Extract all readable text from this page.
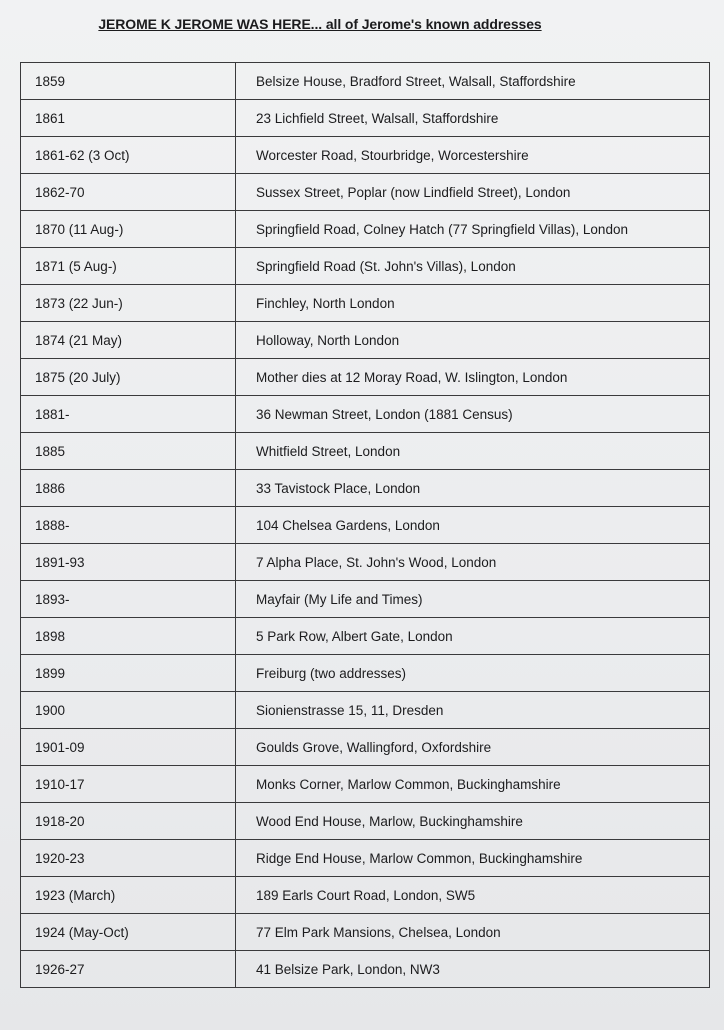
JEROME K JEROME WAS HERE... all of Jerome's known addresses
1859	Belsize House, Bradford Street, Walsall, Staffordshire
1861	23 Lichfield Street, Walsall, Staffordshire
1861-62 (3 Oct)	Worcester Road, Stourbridge, Worcestershire
1862-70	Sussex Street, Poplar (now Lindfield Street), London
1870 (11 Aug-)	Springfield Road, Colney Hatch (77 Springfield Villas), London
1871 (5 Aug-)	Springfield Road (St. John's Villas), London
1873 (22 Jun-)	Finchley, North London
1874 (21 May)	Holloway, North London
1875 (20 July)	Mother dies at 12 Moray Road, W. Islington, London
1881-	36 Newman Street, London (1881 Census)
1885	Whitfield Street, London
1886	33 Tavistock Place, London
1888-	104 Chelsea Gardens, London
1891-93	7 Alpha Place, St. John's Wood, London
1893-	Mayfair (My Life and Times)
1898	5 Park Row, Albert Gate, London
1899	Freiburg (two addresses)
1900	Sionienstrasse 15, 11, Dresden
1901-09	Goulds Grove, Wallingford, Oxfordshire
1910-17	Monks Corner, Marlow Common, Buckinghamshire
1918-20	Wood End House, Marlow, Buckinghamshire
1920-23	Ridge End House, Marlow Common, Buckinghamshire
1923 (March)	189 Earls Court Road, London, SW5
1924 (May-Oct)	77 Elm Park Mansions, Chelsea, London
1926-27	41 Belsize Park, London, NW3
